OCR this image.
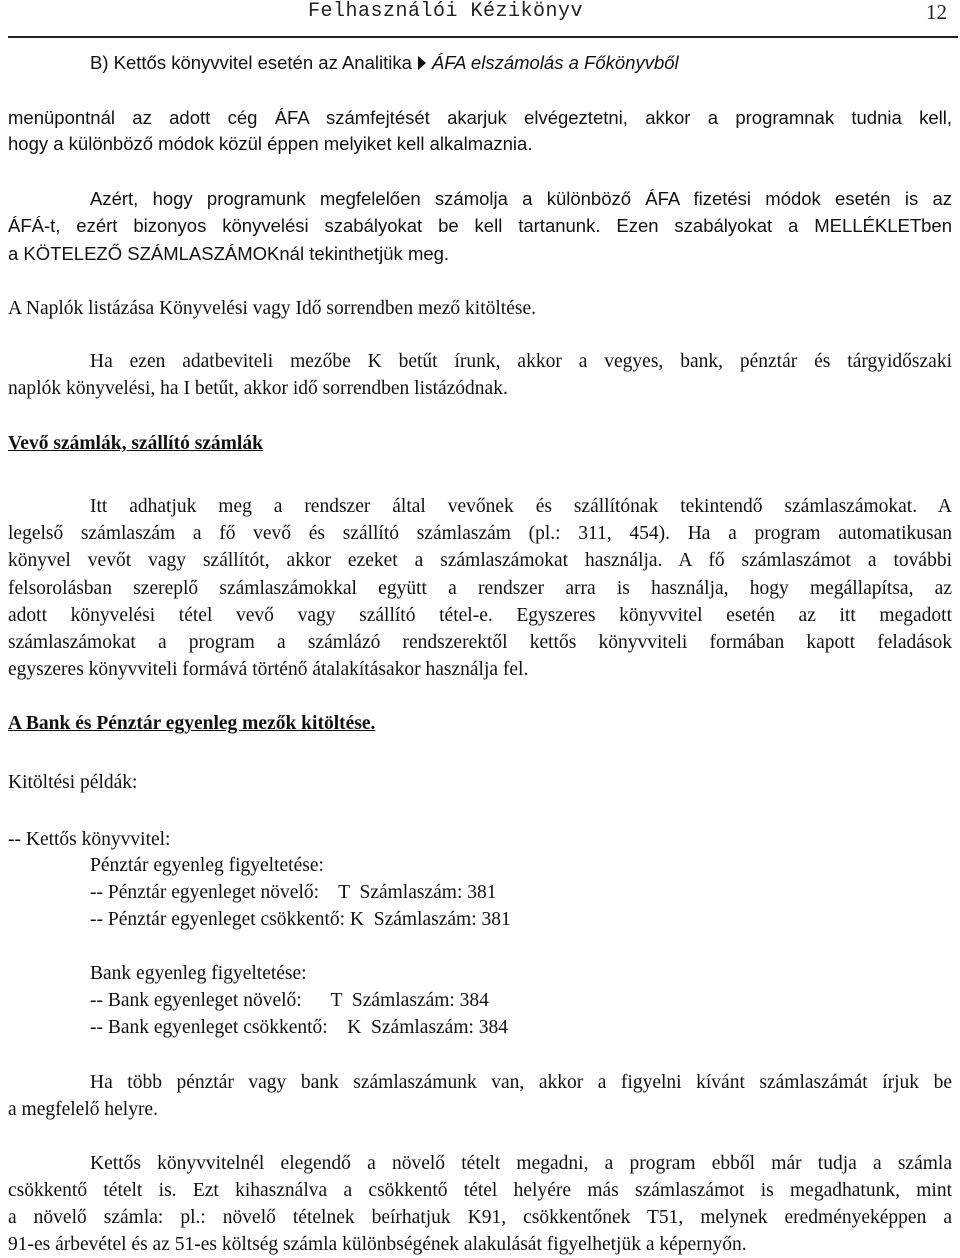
Felhasználói Kézikönyv	12
B) Kettős könyvvitel esetén az Analitika ÁFA elszámolás a Főkönyvből
menüpontnál az adott cég ÁFA számfejtését akarjuk elvégeztetni, akkor a programnak tudnia kell,
hogy a különböző módok közül éppen melyiket kell alkalmaznia.
Azért, hogy programunk megfelelően számolja a különböző ÁFA fizetési módok esetén is az
ÁFÁ-t, ezért bizonyos könyvelési szabályokat be kell tartanunk. Ezen szabályokat a MELLÉKLETben
a KÖTELEZŐ SZÁMLASZÁMOKnál tekinthetjük meg.
A Naplók listázása Könyvelési vagy Idő sorrendben mező kitöltése.
Ha ezen adatbeviteli mezőbe K betűt írunk, akkor a vegyes, bank, pénztár és tárgyidőszaki
naplók könyvelési, ha I betűt, akkor idő sorrendben listázódnak.
Vevő számlák, szállító számlák
Itt adhatjuk meg a rendszer által vevőnek és szállítónak tekintendő számlaszámokat. A
legelső számlaszám a fő vevő és szállító számlaszám (pl.: 311, 454). Ha a program automatikusan
könyvel vevőt vagy szállítót, akkor ezeket a számlaszámokat használja. A fő számlaszámot a további
felsorolásban szereplő számlaszámokkal együtt a rendszer arra is használja, hogy megállapítsa, az
adott könyvelési tétel vevő vagy szállító tétel-e. Egyszeres könyvvitel esetén az itt megadott
számlaszámokat a program a számlázó rendszerektől kettős könyvviteli formában kapott feladások
egyszeres könyvviteli formává történő átalakításakor használja fel.
A Bank és Pénztár egyenleg mezők kitöltése.
Kitöltési példák:
-- Kettős könyvvitel:
Pénztár egyenleg figyeltetése:
-- Pénztár egyenleget növelő:    T  Számlaszám: 381
-- Pénztár egyenleget csökkentő: K  Számlaszám: 381
Bank egyenleg figyeltetése:
-- Bank egyenleget növelő:      T  Számlaszám: 384
-- Bank egyenleget csökkentő:    K  Számlaszám: 384
Ha több pénztár vagy bank számlaszámunk van, akkor a figyelni kívánt számlaszámát írjuk be
a megfelelő helyre.
Kettős könyvvitelnél elegendő a növelő tételt megadni, a program ebből már tudja a számla
csökkentő tételt is. Ezt kihasználva a csökkentő tétel helyére más számlaszámot is megadhatunk, mint
a növelő számla: pl.: növelő tételnek beírhatjuk K91, csökkentőnek T51, melynek eredményeképpen a
91-es árbevétel és az 51-es költség számla különbségének alakulását figyelhetjük a képernyőn.
